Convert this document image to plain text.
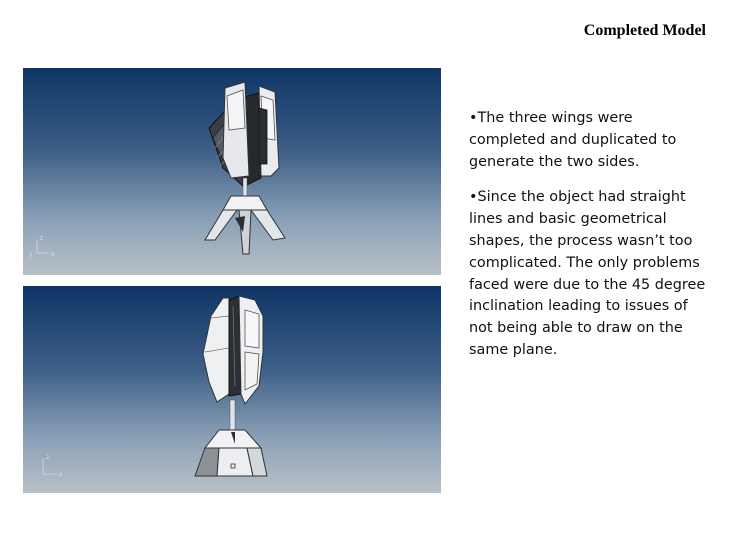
Completed Model
z
y	x
z
y
•The three wings were completed and duplicated to generate the two sides.
•Since the object had straight lines and basic geometrical shapes, the process wasn’t too complicated. The only problems faced were due to the 45 degree inclination leading to issues of not being able to draw on the same plane.
